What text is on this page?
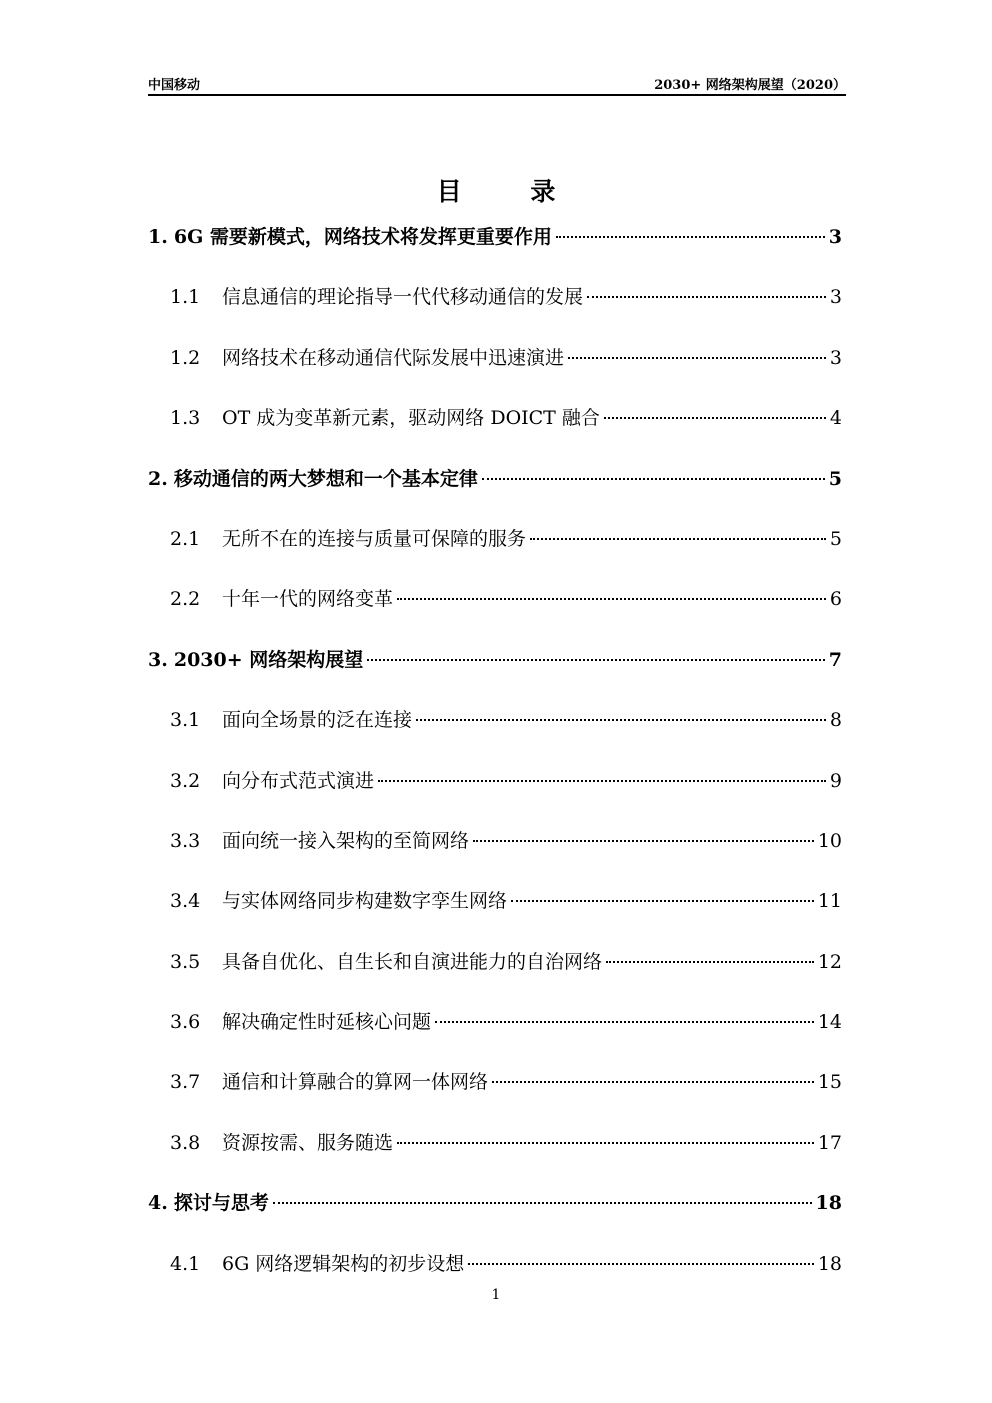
中国移动	2030+ 网络架构展望（2020）
目 录
1. 6G 需要新模式，网络技术将发挥更重要作用	3
1.1	信息通信的理论指导一代代移动通信的发展	3
1.2	网络技术在移动通信代际发展中迅速演进	3
1.3	OT 成为变革新元素，驱动网络 DOICT 融合	4
2. 移动通信的两大梦想和一个基本定律	5
2.1	无所不在的连接与质量可保障的服务	5
2.2	十年一代的网络变革	6
3. 2030+ 网络架构展望	7
3.1	面向全场景的泛在连接	8
3.2	向分布式范式演进	9
3.3	面向统一接入架构的至简网络	10
3.4	与实体网络同步构建数字孪生网络	11
3.5	具备自优化、自生长和自演进能力的自治网络	12
3.6	解决确定性时延核心问题	14
3.7	通信和计算融合的算网一体网络	15
3.8	资源按需、服务随选	17
4. 探讨与思考	18
4.1	6G 网络逻辑架构的初步设想	18
1
